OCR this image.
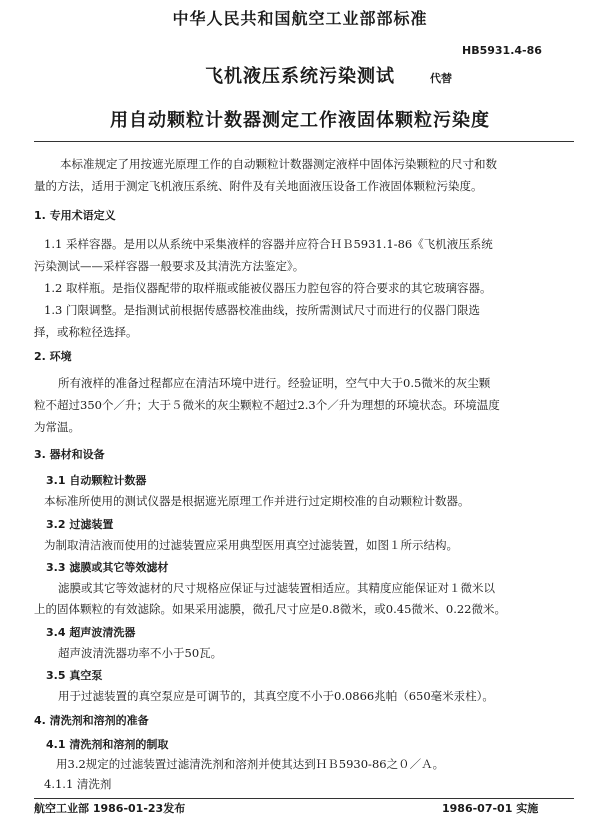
中华人民共和国航空工业部部标准
HB5931.4-86
飞机液压系统污染测试	代替
用自动颗粒计数器测定工作液固体颗粒污染度
本标准规定了用按遮光原理工作的自动颗粒计数器测定液样中固体污染颗粒的尺寸和数
量的方法，适用于测定飞机液压系统、附件及有关地面液压设备工作液固体颗粒污染度。
1. 专用术语定义
1.1 采样容器。是用以从系统中采集液样的容器并应符合ＨＢ5931.1-86《飞机液压系统
污染测试——采样容器一般要求及其清洗方法鉴定》。
1.2 取样瓶。是指仪器配带的取样瓶或能被仪器压力腔包容的符合要求的其它玻璃容器。
1.3 门限调整。是指测试前根据传感器校准曲线，按所需测试尺寸而进行的仪器门限选
择，或称粒径选择。
2. 环境
所有液样的准备过程都应在清洁环境中进行。经验证明，空气中大于0.5微米的灰尘颗
粒不超过350个／升；大于５微米的灰尘颗粒不超过2.3个／升为理想的环境状态。环境温度
为常温。
3. 器材和设备
3.1 自动颗粒计数器
本标准所使用的测试仪器是根据遮光原理工作并进行过定期校准的自动颗粒计数器。
3.2 过滤装置
为制取清洁液而使用的过滤装置应采用典型医用真空过滤装置，如图１所示结构。
3.3 滤膜或其它等效滤材
滤膜或其它等效滤材的尺寸规格应保证与过滤装置相适应。其精度应能保证对１微米以
上的固体颗粒的有效滤除。如果采用滤膜，微孔尺寸应是0.8微米，或0.45微米、0.22微米。
3.4 超声波清洗器
超声波清洗器功率不小于50瓦。
3.5 真空泵
用于过滤装置的真空泵应是可调节的，其真空度不小于0.0866兆帕（650毫米汞柱）。
4. 清洗剂和溶剂的准备
4.1 清洗剂和溶剂的制取
用3.2规定的过滤装置过滤清洗剂和溶剂并使其达到ＨＢ5930-86之０／Ａ。
4.1.1 清洗剂
航空工业部 1986-01-23发布	1986-07-01 实施
